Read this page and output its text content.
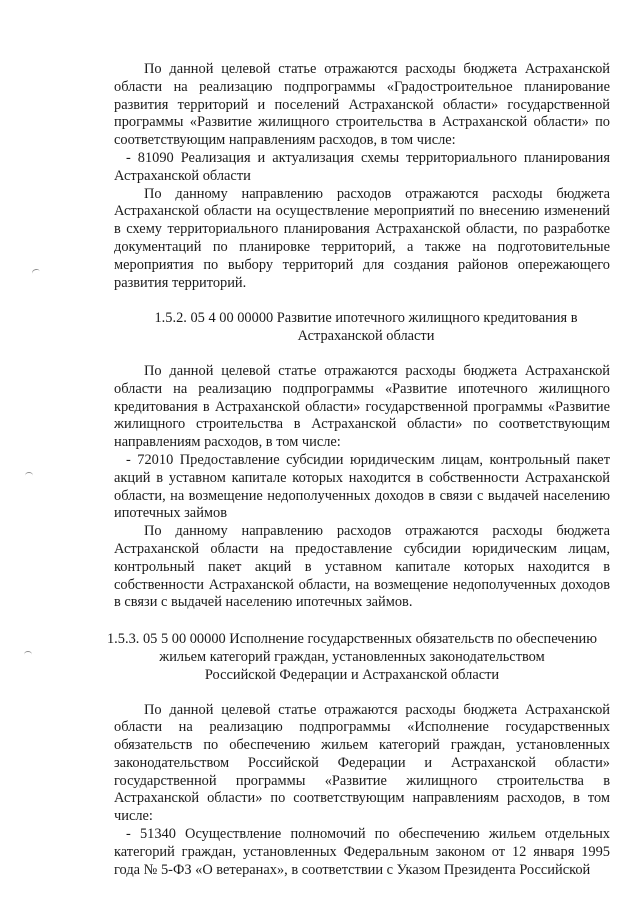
По данной целевой статье отражаются расходы бюджета Астраханской области на реализацию подпрограммы «Градостроительное планирование развития территорий и поселений Астраханской области» государственной программы «Развитие жилищного строительства в Астраханской области» по соответствующим направлениям расходов, в том числе:

- 81090 Реализация и актуализация схемы территориального планирования Астраханской области

По данному направлению расходов отражаются расходы бюджета Астраханской области на осуществление мероприятий по внесению изменений в схему территориального планирования Астраханской области, по разработке документаций по планировке территорий, а также на подготовительные мероприятия по выбору территорий для создания районов опережающего развития территорий.

1.5.2. 05 4 00 00000 Развитие ипотечного жилищного кредитования в Астраханской области

По данной целевой статье отражаются расходы бюджета Астраханской области на реализацию подпрограммы «Развитие ипотечного жилищного кредитования в Астраханской области» государственной программы «Развитие жилищного строительства в Астраханской области» по соответствующим направлениям расходов, в том числе:

- 72010 Предоставление субсидии юридическим лицам, контрольный пакет акций в уставном капитале которых находится в собственности Астраханской области, на возмещение недополученных доходов в связи с выдачей населению ипотечных займов

По данному направлению расходов отражаются расходы бюджета Астраханской области на предоставление субсидии юридическим лицам, контрольный пакет акций в уставном капитале которых находится в собственности Астраханской области, на возмещение недополученных доходов в связи с выдачей населению ипотечных займов.

1.5.3. 05 5 00 00000 Исполнение государственных обязательств по обеспечению
жильем категорий граждан, установленных законодательством
Российской Федерации и Астраханской области

По данной целевой статье отражаются расходы бюджета Астраханской области на реализацию подпрограммы «Исполнение государственных обязательств по обеспечению жильем категорий граждан, установленных законодательством Российской Федерации и Астраханской области» государственной программы «Развитие жилищного строительства в Астраханской области» по соответствующим направлениям расходов, в том числе:

- 51340 Осуществление полномочий по обеспечению жильем отдельных категорий граждан, установленных Федеральным законом от 12 января 1995 года № 5-ФЗ «О ветеранах», в соответствии с Указом Президента Российской
